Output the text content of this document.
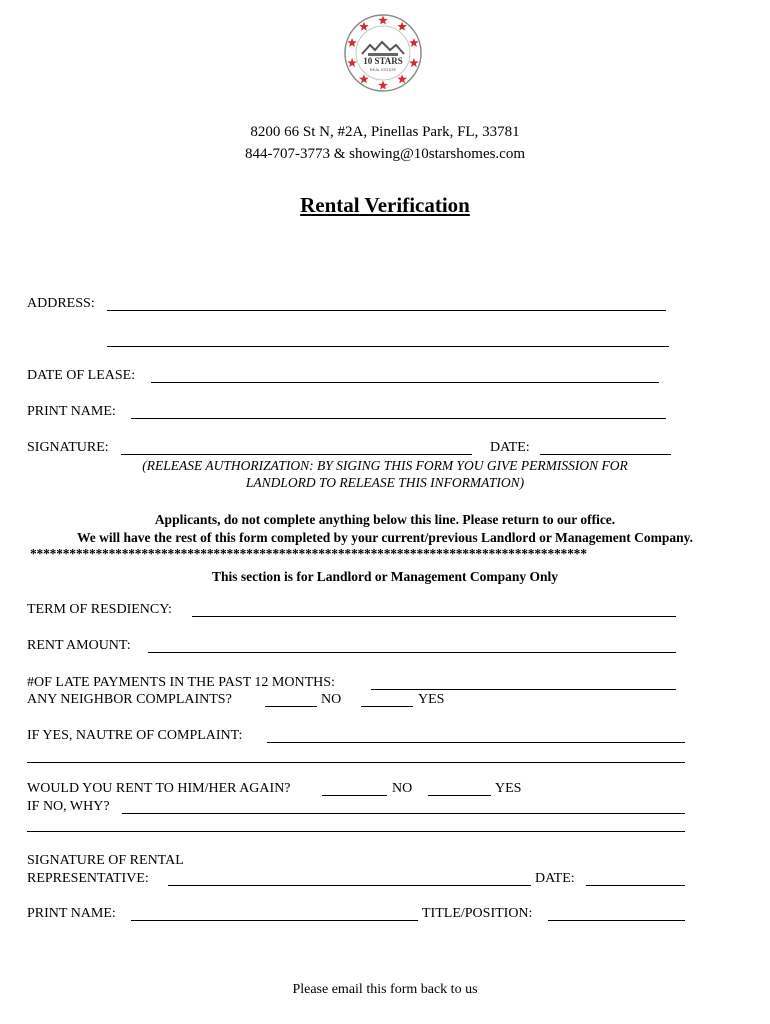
10 STARS
REAL ESTATE
8200 66 St N, #2A, Pinellas Park, FL, 33781
844-707-3773 & showing@10starshomes.com
Rental Verification
ADDRESS:
DATE OF LEASE:
PRINT NAME:
SIGNATURE:	DATE:
(RELEASE AUTHORIZATION: BY SIGING THIS FORM YOU GIVE PERMISSION FOR
LANDLORD TO RELEASE THIS INFORMATION)
Applicants, do not complete anything below this line. Please return to our office.
We will have the rest of this form completed by your current/previous Landlord or Management Company.
*************************************************************************************
This section is for Landlord or Management Company Only
TERM OF RESDIENCY:
RENT AMOUNT:
#OF LATE PAYMENTS IN THE PAST 12 MONTHS:
ANY NEIGHBOR COMPLAINTS?	NO	YES
IF YES, NAUTRE OF COMPLAINT:
WOULD YOU RENT TO HIM/HER AGAIN?	NO	YES
IF NO, WHY?
SIGNATURE OF RENTAL
REPRESENTATIVE:	DATE:
PRINT NAME:	TITLE/POSITION:
Please email this form back to us
